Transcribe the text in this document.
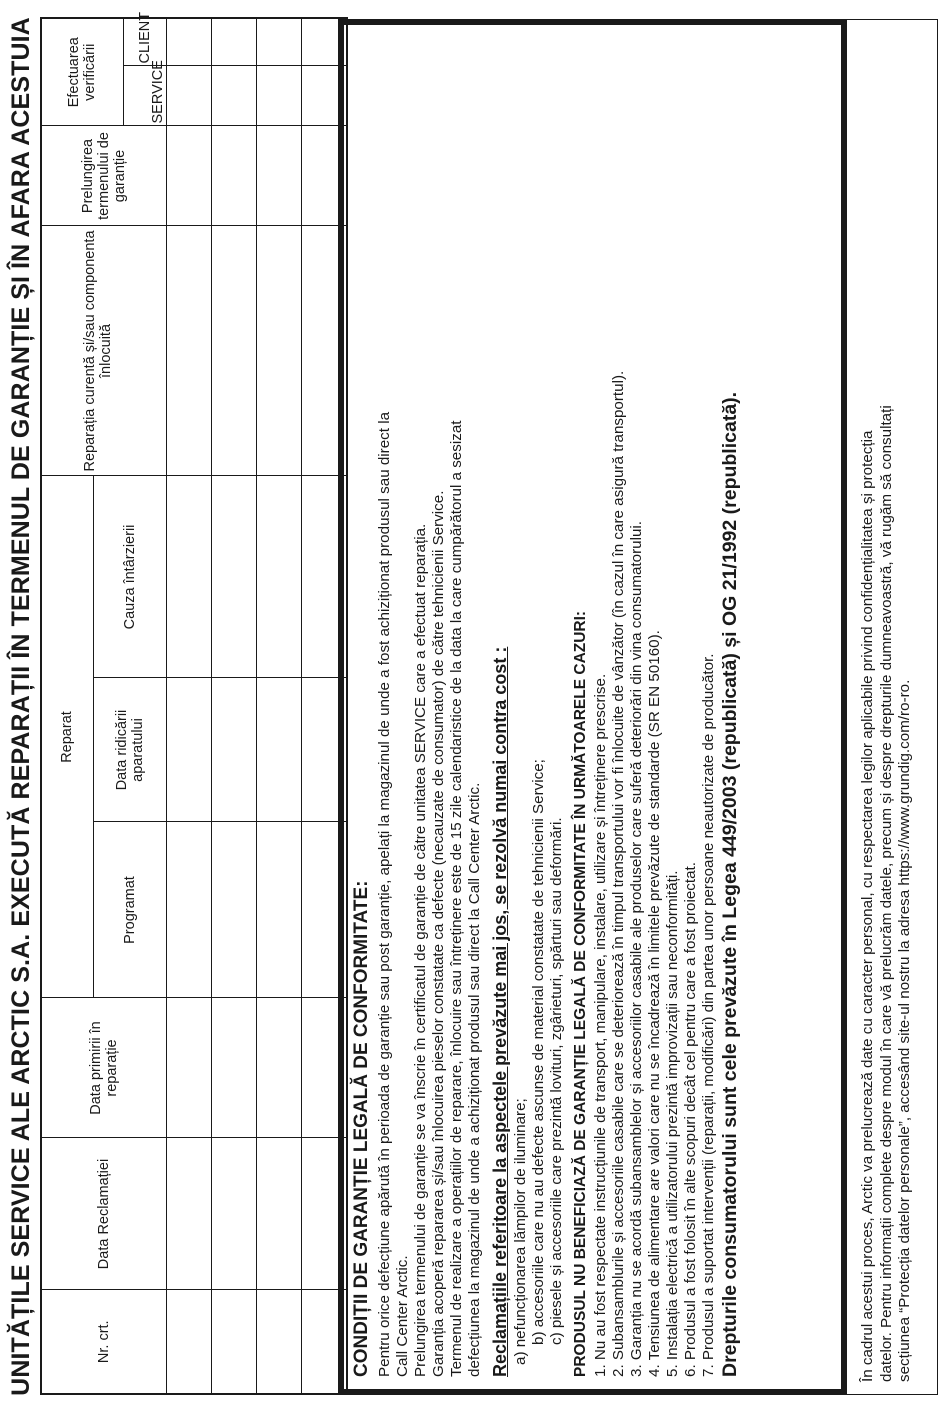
UNITĂȚILE SERVICE ALE ARCTIC S.A. EXECUTĂ REPARAȚII ÎN TERMENUL DE GARANȚIE ȘI ÎN AFARA ACESTUIA	Nr. crt.	Data Reclamației	Data primirii în reparație	Reparat			Reparația curentă și/sau componenta înlocuită	Prelungirea termenului de garanție	Efectuarea verificării	
			Programat	Data ridicării aparatului	Cauza întârzierii				
								SERVICE	CLIENT

CONDIȚII DE GARANȚIE LEGALĂ DE CONFORMITATE: Pentru orice defecțiune apărută în perioada de garanție sau post garanție, apelați la magazinul de unde a fost achiziționat produsul sau direct la Call Center Arctic. Prelungirea termenului de garanție se va înscrie în certificatul de garanție de către unitatea SERVICE care a efectuat reparația. Garanția acoperă repararea și/sau înlocuirea pieselor constatate ca defecte (necauzate de consumator) de către tehnicienii Service. Termenul de realizare a operațiilor de reparare, înlocuire sau întreținere este de 15 zile calendaristice de la data la care cumpărătorul a sesizat defecțiunea la magazinul de unde a achiziționat produsul sau direct la Call Center Arctic. Reclamațiile referitoare la aspectele prevăzute mai jos, se rezolvă numai contra cost : a) nefuncționarea lămpilor de iluminare; b) accesoriile care nu au defecte ascunse de material constatate de tehnicienii Service; c) piesele și accesoriile care prezintă lovituri, zgârieturi, spărturi sau deformări. PRODUSUL NU BENEFICIAZĂ DE GARANȚIE LEGALĂ DE CONFORMITATE ÎN URMĂTOARELE CAZURI: 1. Nu au fost respectate instrucțiunile de transport, manipulare, instalare, utilizare și întreținere prescrise. 2. Subansamblurile și accesoriile casabile care se deteriorează în timpul transportului vor fi înlocuite de vânzător (în cazul în care asigură transportul). 3. Garanția nu se acordă subansamblelor și accesoriilor casabile ale produselor care suferă deteriorări din vina consumatorului. 4. Tensiunea de alimentare are valori care nu se încadrează în limitele prevăzute de standarde (SR EN 50160). 5. Instalația electrică a utilizatorului prezintă improvizații sau neconformități. 6. Produsul a fost folosit în alte scopuri decât cel pentru care a fost proiectat. 7. Produsul a suportat intervenții (reparații, modificări) din partea unor persoane neautorizate de producător. Drepturile consumatorului sunt cele prevăzute în Legea 449/2003 (republicată) și OG 21/1992 (republicată).	În cadrul acestui proces, Arctic va prelucrează date cu caracter personal, cu respectarea legilor aplicabile privind confidențialitatea și protecția datelor. Pentru informații complete despre modul în care vă prelucrăm datele, precum și despre drepturile dumneavoastră, vă rugăm să consultați secțiunea “Protecția datelor personale”, accesând site-ul nostru la adresa https://www.grundig.com/ro-ro.
